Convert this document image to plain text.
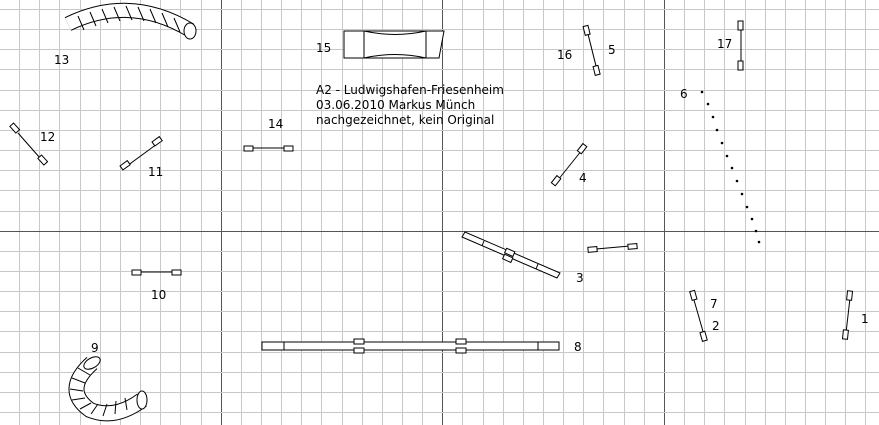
A2 - Ludwigshafen-Friesenheim
03.06.2010 Markus Münch
nachgezeichnet, kein Original
1
2
3
4
5
6
7
8
9
10
11
12
13
14
15	16
17
